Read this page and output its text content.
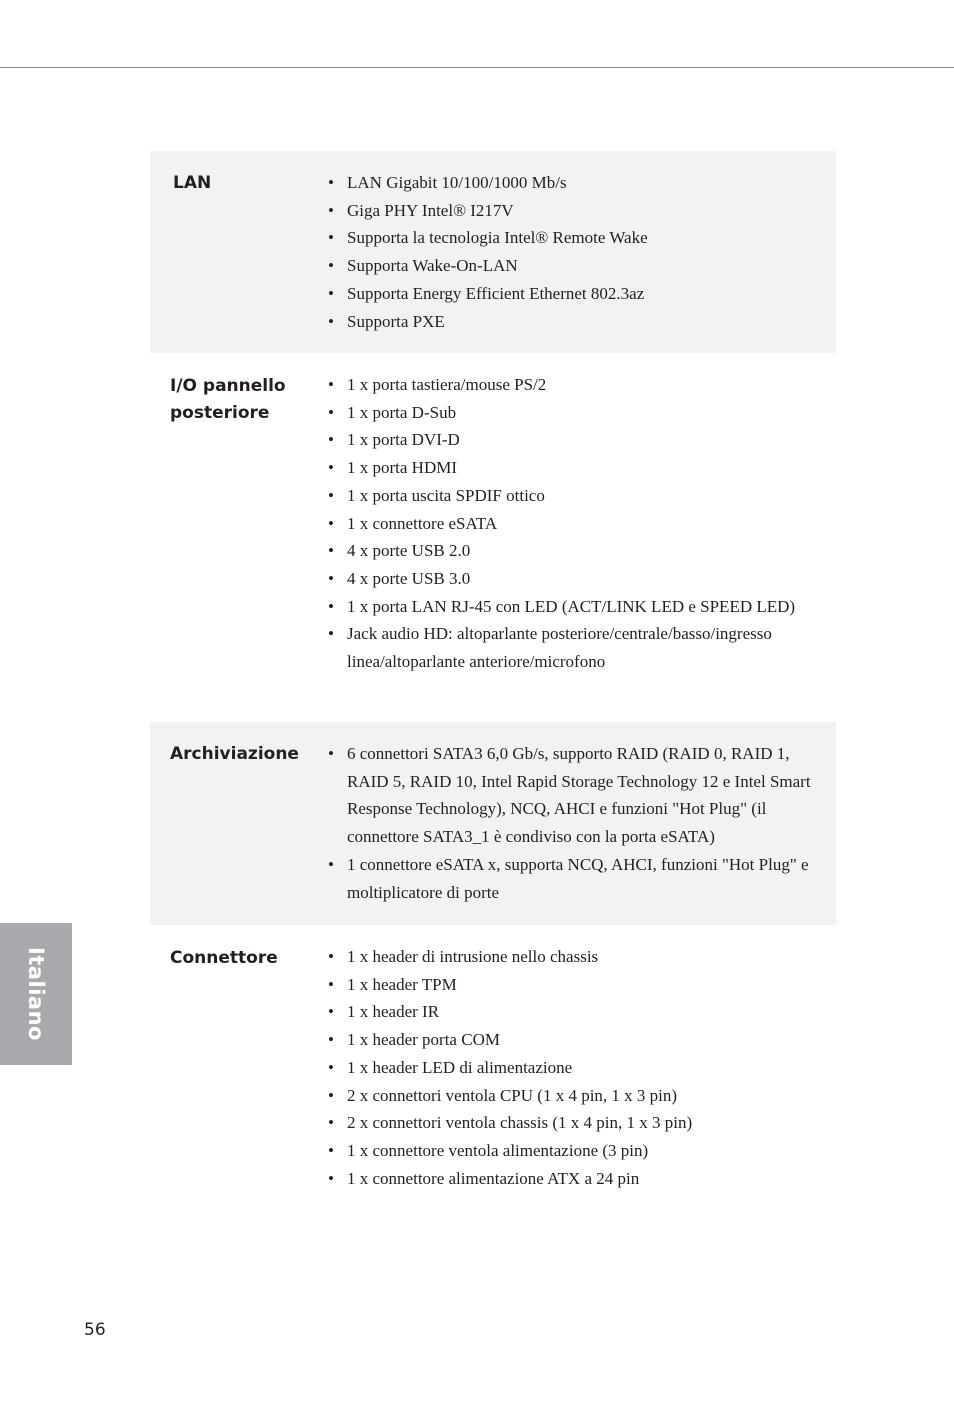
LAN	• LAN Gigabit 10/100/1000 Mb/s
• Giga PHY Intel® I217V
• Supporta la tecnologia Intel® Remote Wake
• Supporta Wake-On-LAN
• Supporta Energy Efficient Ethernet 802.3az
• Supporta PXE
I/O pannello posteriore
• 1 x porta tastiera/mouse PS/2
• 1 x porta D-Sub
• 1 x porta DVI-D
• 1 x porta HDMI
• 1 x porta uscita SPDIF ottico
• 1 x connettore eSATA
• 4 x porte USB 2.0
• 4 x porte USB 3.0
• 1 x porta LAN RJ-45 con LED (ACT/LINK LED e SPEED LED)
• Jack audio HD: altoparlante posteriore/centrale/basso/ingresso linea/altoparlante anteriore/microfono
Archiviazione	• 6 connettori SATA3 6,0 Gb/s, supporto RAID (RAID 0, RAID 1, RAID 5, RAID 10, Intel Rapid Storage Technology 12 e Intel Smart Response Technology), NCQ, AHCI e funzioni "Hot Plug" (il connettore SATA3_1 è condiviso con la porta eSATA)
• 1 connettore eSATA x, supporta NCQ, AHCI, funzioni "Hot Plug" e moltiplicatore di porte
Connettore	• 1 x header di intrusione nello chassis
• 1 x header TPM
• 1 x header IR
• 1 x header porta COM
• 1 x header LED di alimentazione
• 2 x connettori ventola CPU (1 x 4 pin, 1 x 3 pin)
• 2 x connettori ventola chassis (1 x 4 pin, 1 x 3 pin)
• 1 x connettore ventola alimentazione (3 pin)
• 1 x connettore alimentazione ATX a 24 pin
Italiano
56
